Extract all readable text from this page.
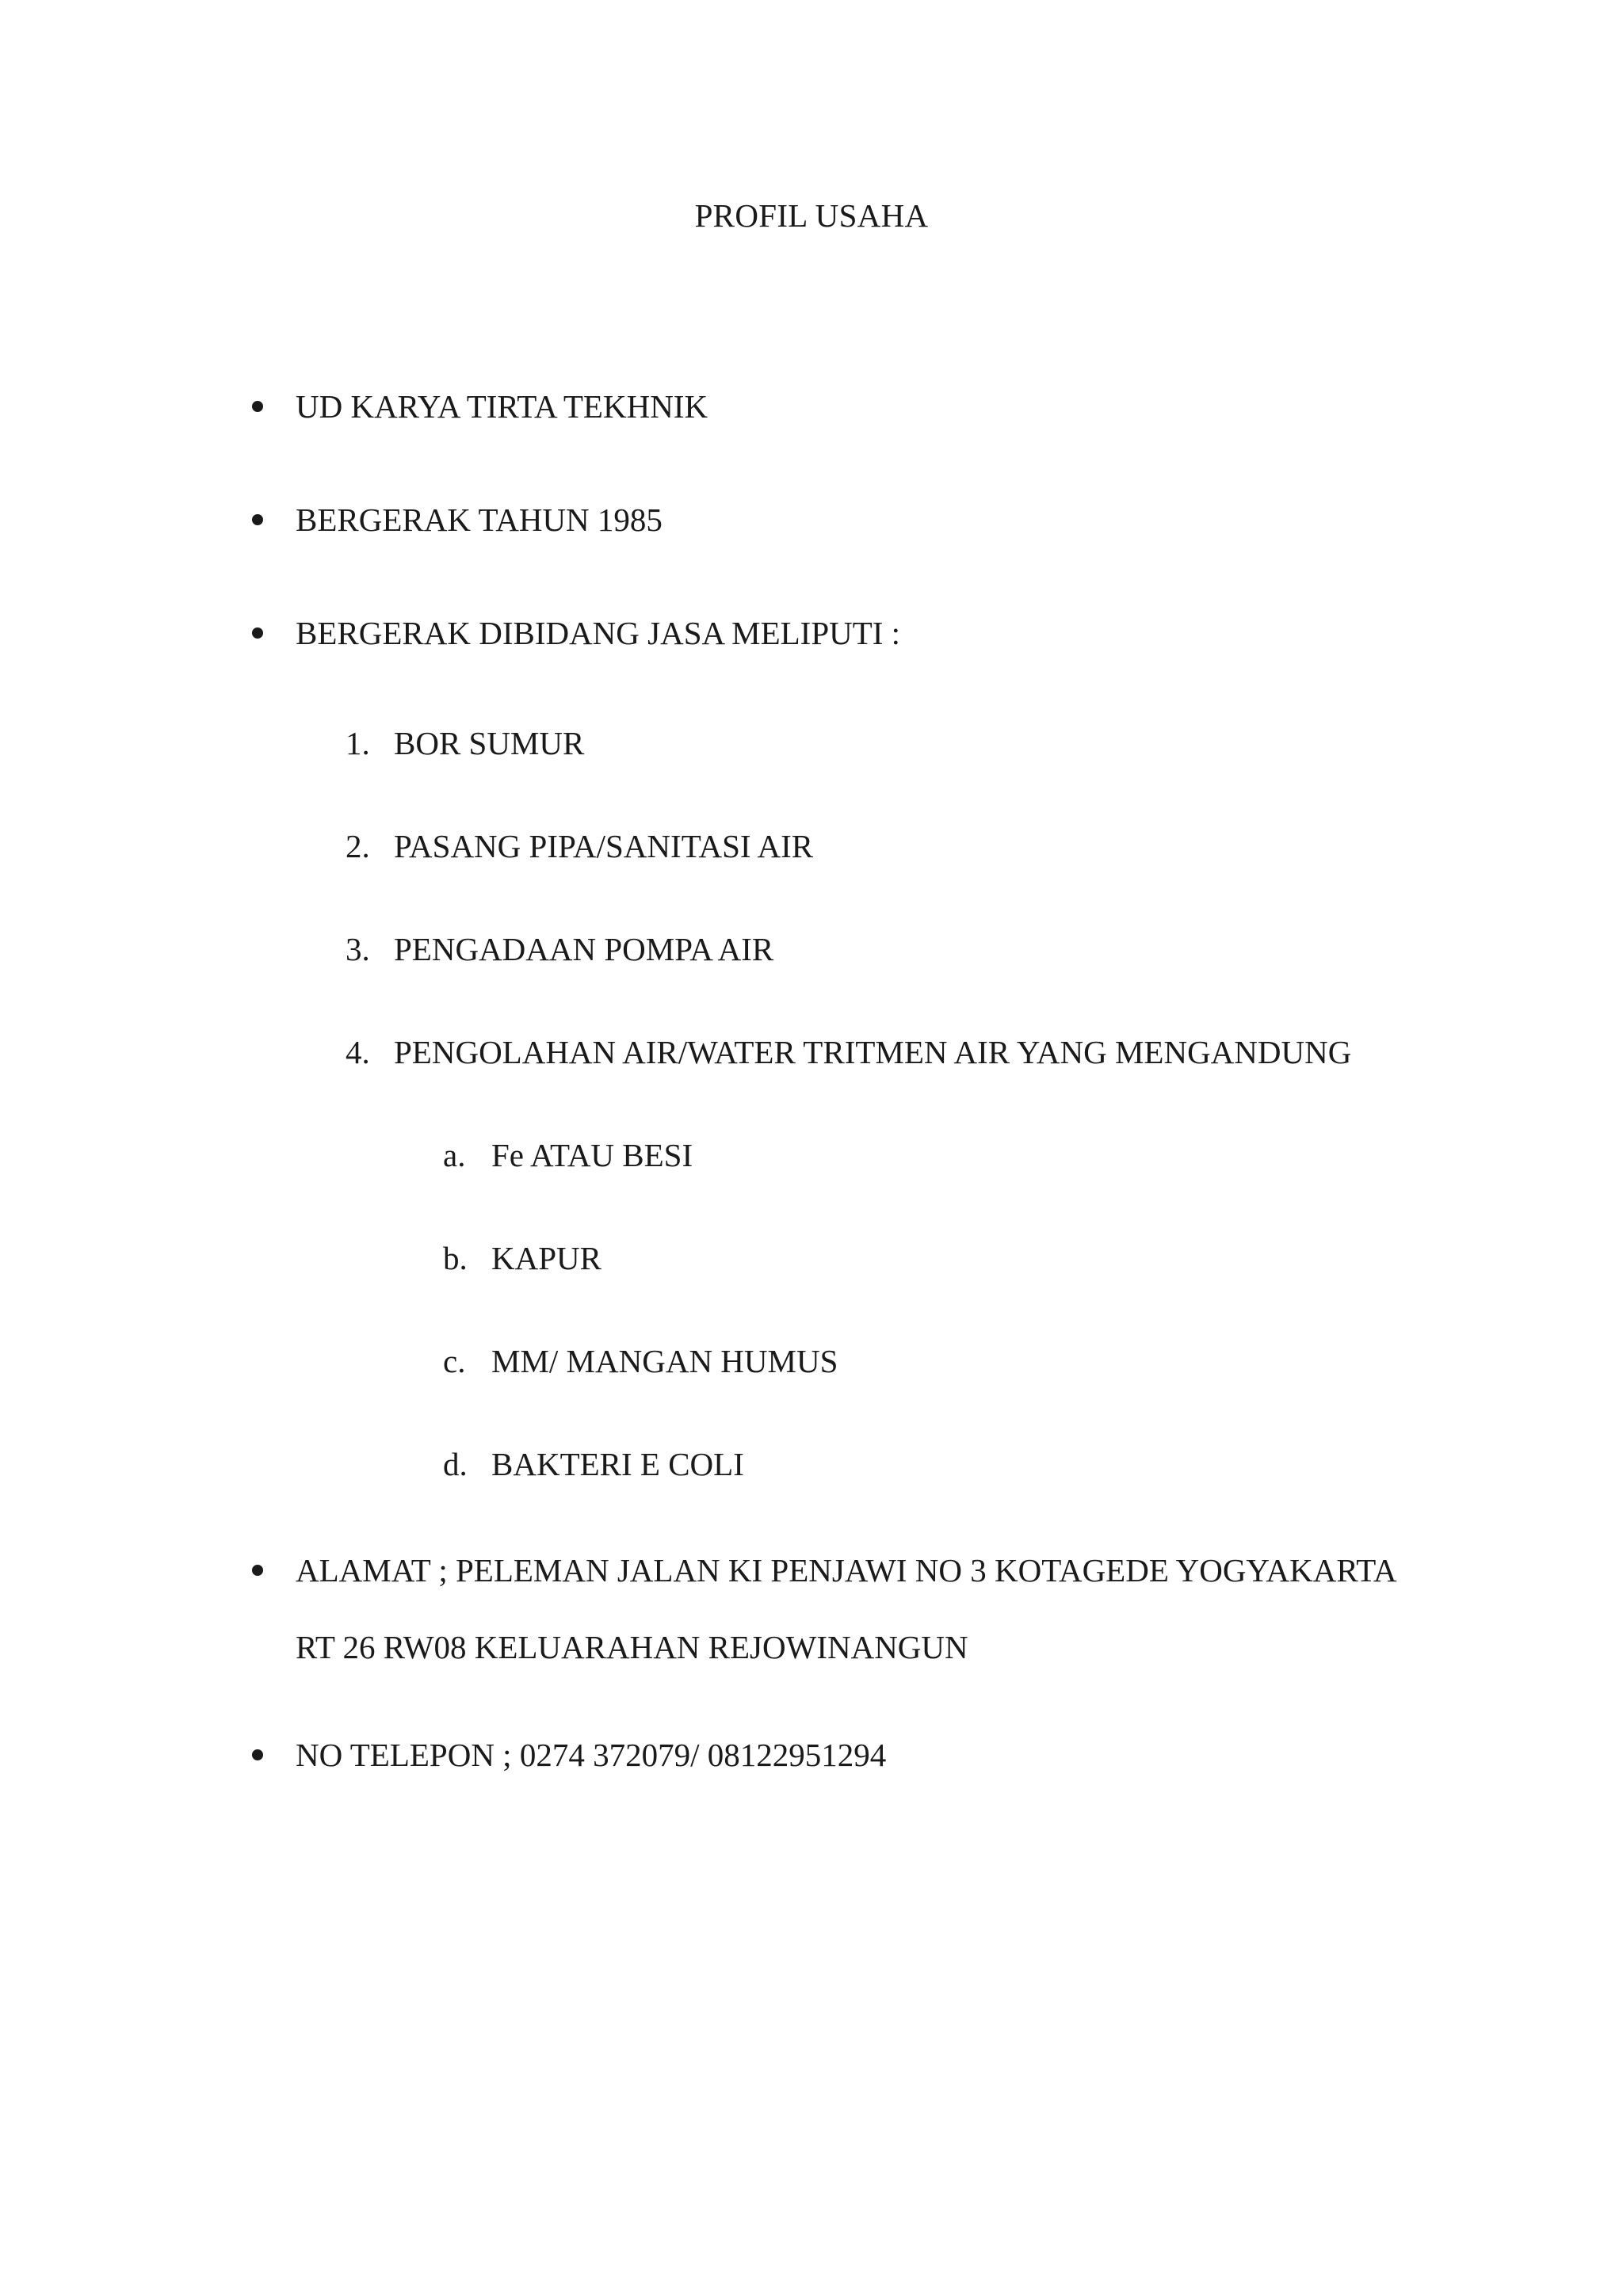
PROFIL USAHA
UD KARYA TIRTA TEKHNIK
BERGERAK TAHUN 1985
BERGERAK DIBIDANG JASA MELIPUTI :
1. BOR SUMUR
2. PASANG PIPA/SANITASI AIR
3. PENGADAAN POMPA AIR
4. PENGOLAHAN AIR/WATER TRITMEN AIR YANG MENGANDUNG
a. Fe ATAU BESI
b. KAPUR
c. MM/ MANGAN HUMUS
d. BAKTERI E COLI
ALAMAT ; PELEMAN JALAN KI PENJAWI NO 3 KOTAGEDE YOGYAKARTA
RT 26 RW08 KELUARAHAN REJOWINANGUN
NO TELEPON ; 0274 372079/ 08122951294
